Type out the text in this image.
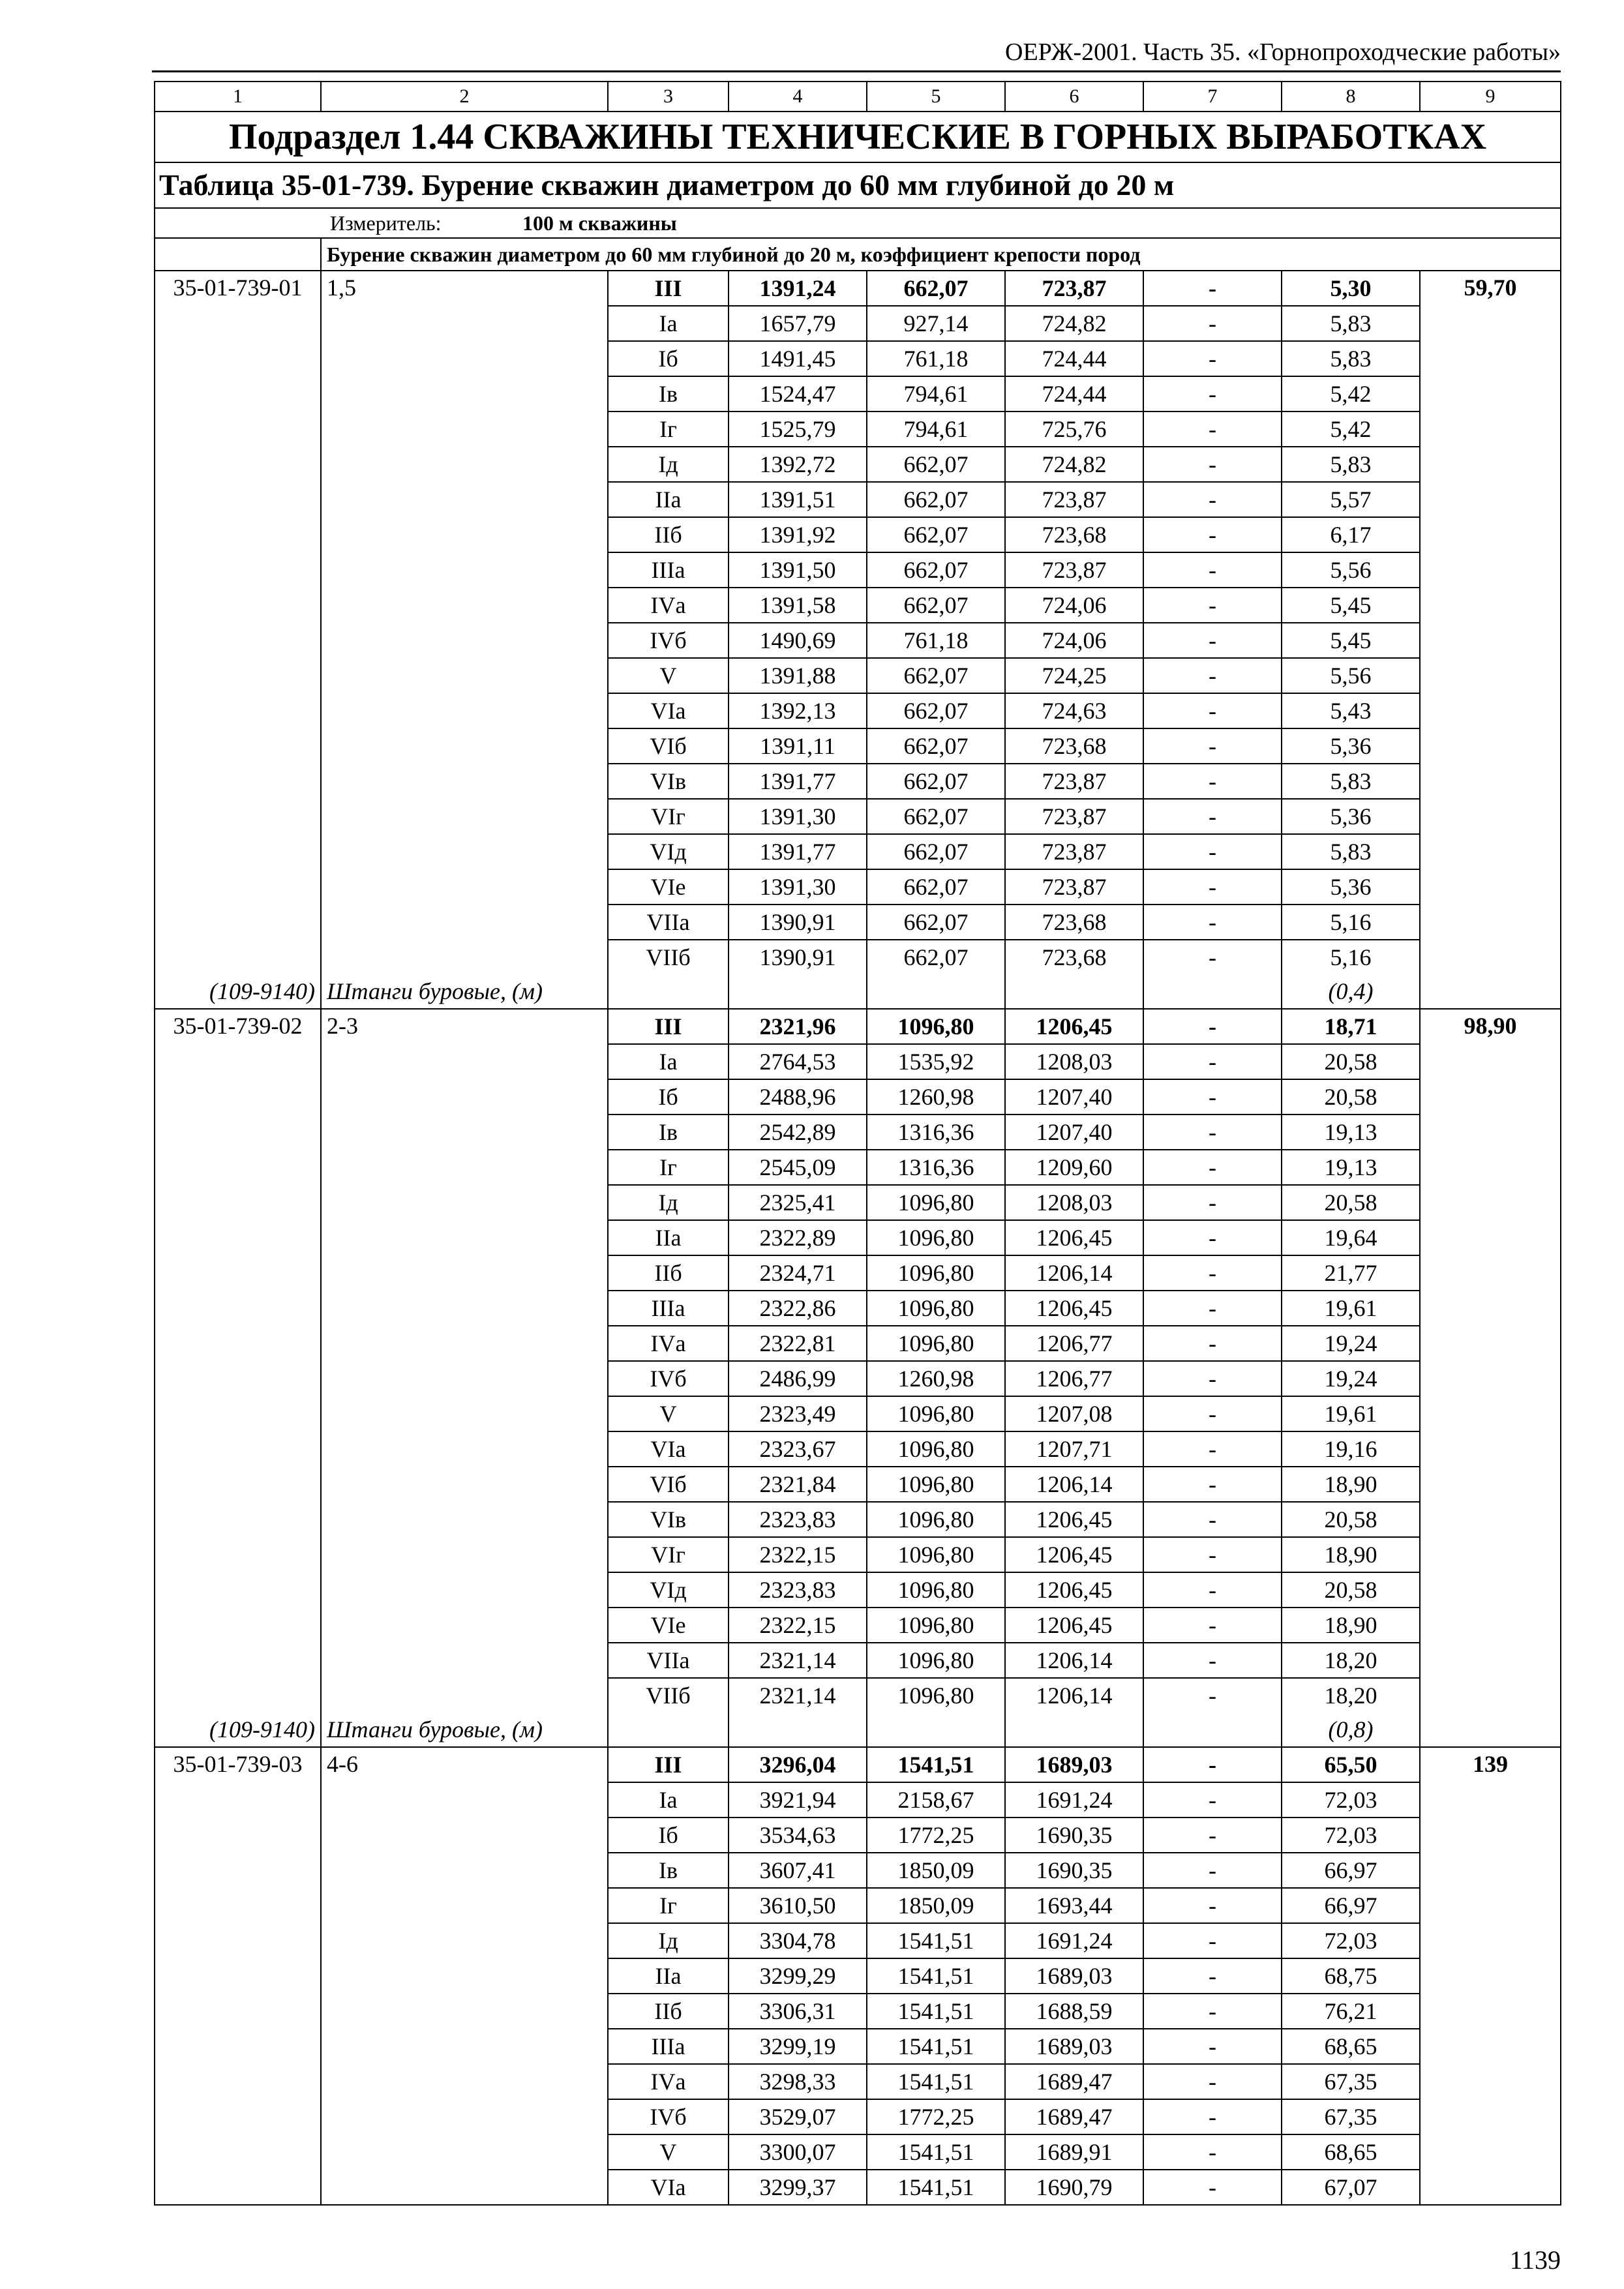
ОЕРЖ-2001. Часть 35. «Горнопроходческие работы»
1	2	3	4	5	6	7	8	9
Подраздел 1.44 СКВАЖИНЫ ТЕХНИЧЕСКИЕ В ГОРНЫХ ВЫРАБОТКАХ								
Таблица 35-01-739. Бурение скважин диаметром до 60 мм глубиной до 20 м								
Измеритель: 100 м скважины								
	Бурение скважин диаметром до 60 мм глубиной до 20 м, коэффициент крепости пород							
35-01-739-01	1,5	III	1391,24	662,07	723,87	-	5,30	59,70
		Iа	1657,79	927,14	724,82	-	5,83	
		Iб	1491,45	761,18	724,44	-	5,83	
		Iв	1524,47	794,61	724,44	-	5,42	
		Iг	1525,79	794,61	725,76	-	5,42	
		Iд	1392,72	662,07	724,82	-	5,83	
		IIа	1391,51	662,07	723,87	-	5,57	
		IIб	1391,92	662,07	723,68	-	6,17	
		IIIа	1391,50	662,07	723,87	-	5,56	
		IVа	1391,58	662,07	724,06	-	5,45	
		IVб	1490,69	761,18	724,06	-	5,45	
		V	1391,88	662,07	724,25	-	5,56	
		VIа	1392,13	662,07	724,63	-	5,43	
		VIб	1391,11	662,07	723,68	-	5,36	
		VIв	1391,77	662,07	723,87	-	5,83	
		VIг	1391,30	662,07	723,87	-	5,36	
		VIд	1391,77	662,07	723,87	-	5,83	
		VIе	1391,30	662,07	723,87	-	5,36	
		VIIа	1390,91	662,07	723,68	-	5,16	
		VIIб	1390,91	662,07	723,68	-	5,16	
(109-9140)	Штанги буровые, (м)						(0,4)	
35-01-739-02	2-3	III	2321,96	1096,80	1206,45	-	18,71	98,90
		Iа	2764,53	1535,92	1208,03	-	20,58	
		Iб	2488,96	1260,98	1207,40	-	20,58	
		Iв	2542,89	1316,36	1207,40	-	19,13	
		Iг	2545,09	1316,36	1209,60	-	19,13	
		Iд	2325,41	1096,80	1208,03	-	20,58	
		IIа	2322,89	1096,80	1206,45	-	19,64	
		IIб	2324,71	1096,80	1206,14	-	21,77	
		IIIа	2322,86	1096,80	1206,45	-	19,61	
		IVа	2322,81	1096,80	1206,77	-	19,24	
		IVб	2486,99	1260,98	1206,77	-	19,24	
		V	2323,49	1096,80	1207,08	-	19,61	
		VIа	2323,67	1096,80	1207,71	-	19,16	
		VIб	2321,84	1096,80	1206,14	-	18,90	
		VIв	2323,83	1096,80	1206,45	-	20,58	
		VIг	2322,15	1096,80	1206,45	-	18,90	
		VIд	2323,83	1096,80	1206,45	-	20,58	
		VIе	2322,15	1096,80	1206,45	-	18,90	
		VIIа	2321,14	1096,80	1206,14	-	18,20	
		VIIб	2321,14	1096,80	1206,14	-	18,20	
(109-9140)	Штанги буровые, (м)						(0,8)	
35-01-739-03	4-6	III	3296,04	1541,51	1689,03	-	65,50	139
		Iа	3921,94	2158,67	1691,24	-	72,03	
		Iб	3534,63	1772,25	1690,35	-	72,03	
		Iв	3607,41	1850,09	1690,35	-	66,97	
		Iг	3610,50	1850,09	1693,44	-	66,97	
		Iд	3304,78	1541,51	1691,24	-	72,03	
		IIа	3299,29	1541,51	1689,03	-	68,75	
		IIб	3306,31	1541,51	1688,59	-	76,21	
		IIIа	3299,19	1541,51	1689,03	-	68,65	
		IVа	3298,33	1541,51	1689,47	-	67,35	
		IVб	3529,07	1772,25	1689,47	-	67,35	
		V	3300,07	1541,51	1689,91	-	68,65	
		VIа	3299,37	1541,51	1690,79	-	67,07	
1139
